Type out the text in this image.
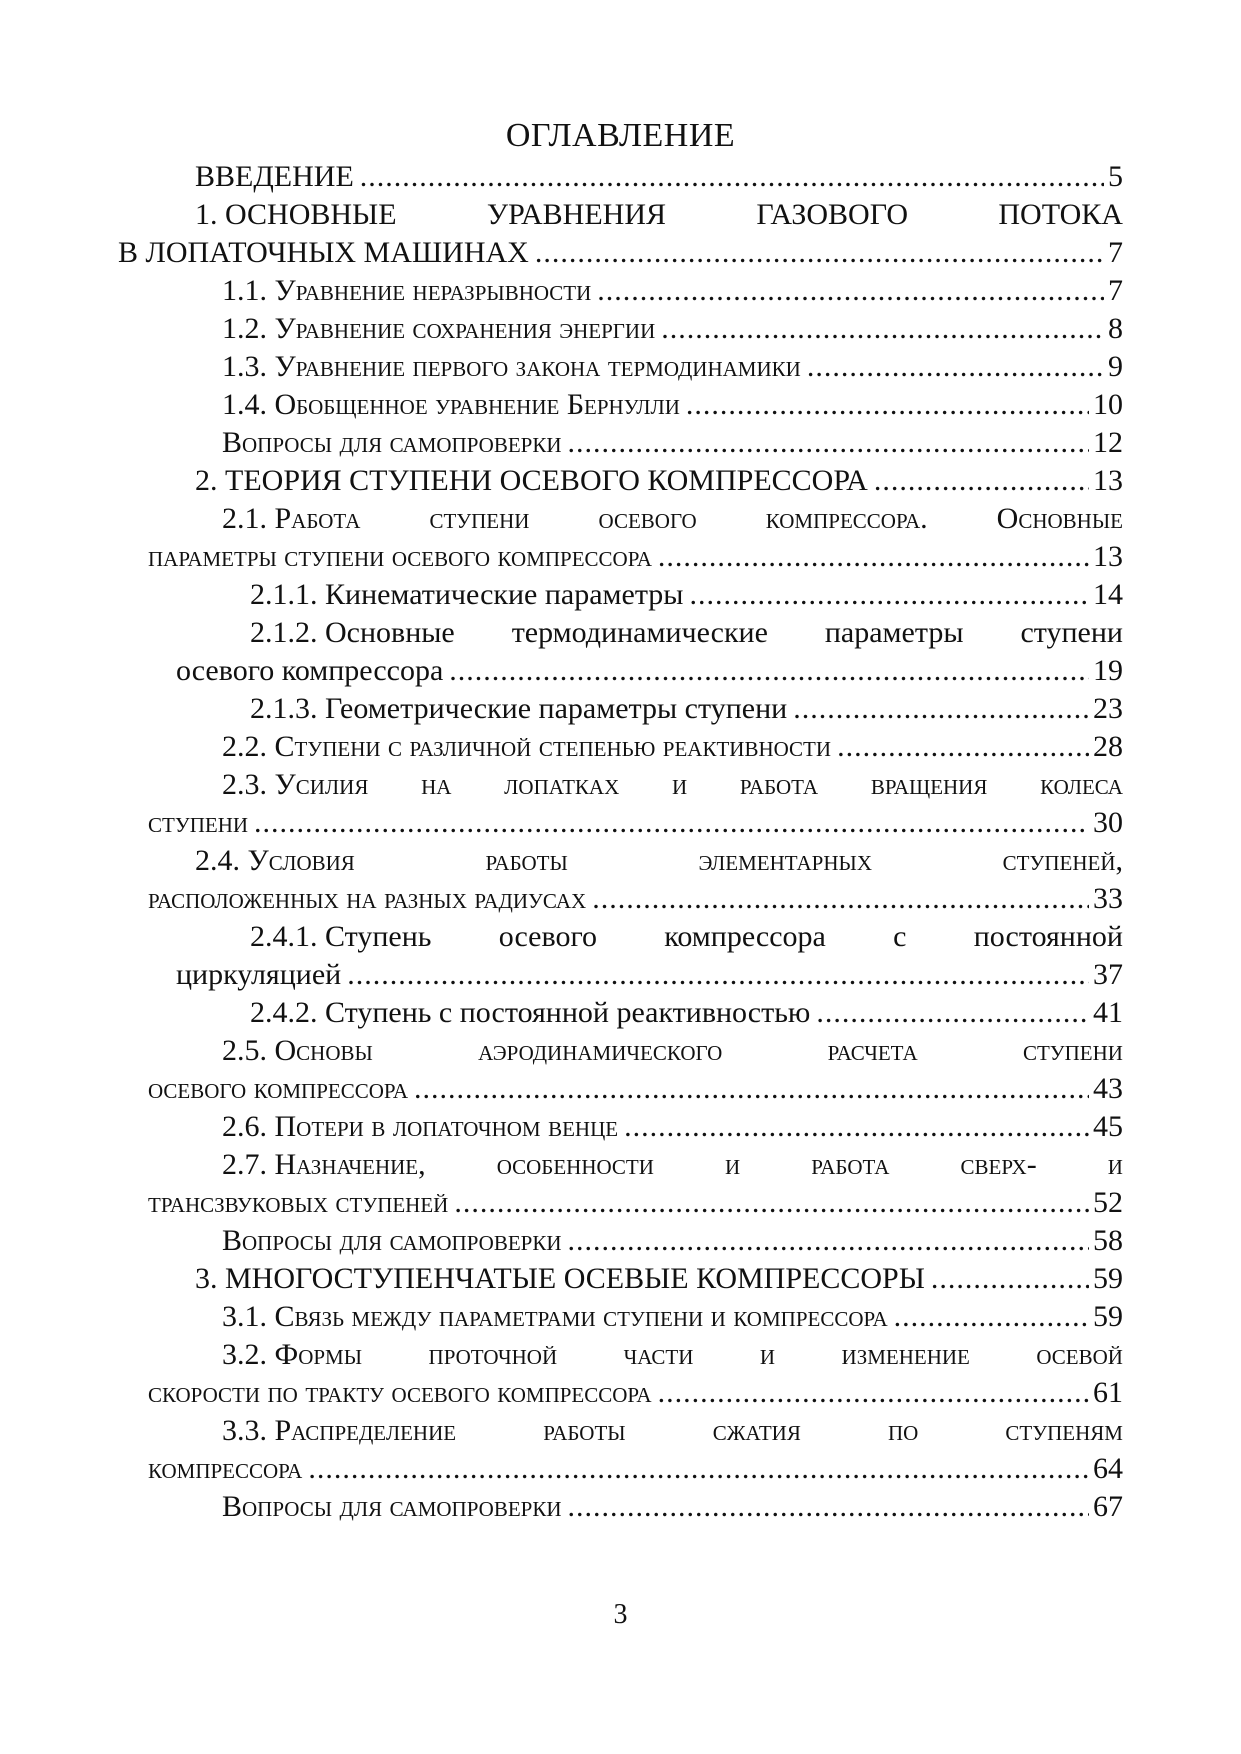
ОГЛАВЛЕНИЕ
ВВЕДЕНИЕ .....	5
1. ОСНОВНЫЕ	УРАВНЕНИЯ	ГАЗОВОГО	ПОТОКА
В ЛОПАТОЧНЫХ МАШИНАХ .....	7
1.1. Уравнение неразрывности .....	7
1.2. Уравнение сохранения энергии .....	8
1.3. Уравнение первого закона термодинамики .....	9
1.4. Обобщенное уравнение Бернулли .....	10
Вопросы для самопроверки .....	12
2. ТЕОРИЯ СТУПЕНИ ОСЕВОГО КОМПРЕССОРА .....	13
2.1. Работа ступени осевого компрессора. Основные
параметры ступени осевого компрессора .....	13
2.1.1. Кинематические параметры .....	14
2.1.2. Основные термодинамические параметры ступени
осевого компрессора .....	19
2.1.3. Геометрические параметры ступени .....	23
2.2. Ступени с различной степенью реактивности .....	28
2.3. Усилия на лопатках и работа вращения колеса
ступени .....	30
2.4. Условия	работы	элементарных	ступеней,
расположенных на разных радиусах .....	33
2.4.1. Ступень осевого компрессора с постоянной
циркуляцией .....	37
2.4.2. Ступень с постоянной реактивностью .....	41
2.5. Основы	аэродинамического	расчета	ступени
осевого компрессора .....	43
2.6. Потери в лопаточном венце .....	45
2.7. Назначение, особенности и работа сверх- и
трансзвуковых ступеней .....	52
Вопросы для самопроверки .....	58
3. МНОГОСТУПЕНЧАТЫЕ ОСЕВЫЕ КОМПРЕССОРЫ .....	59
3.1. Связь между параметрами ступени и компрессора .....	59
3.2. Формы проточной части и изменение осевой
скорости по тракту осевого компрессора .....	61
3.3. Распределение	работы	сжатия	по	ступеням
компрессора .....	64
Вопросы для самопроверки .....	67
3
